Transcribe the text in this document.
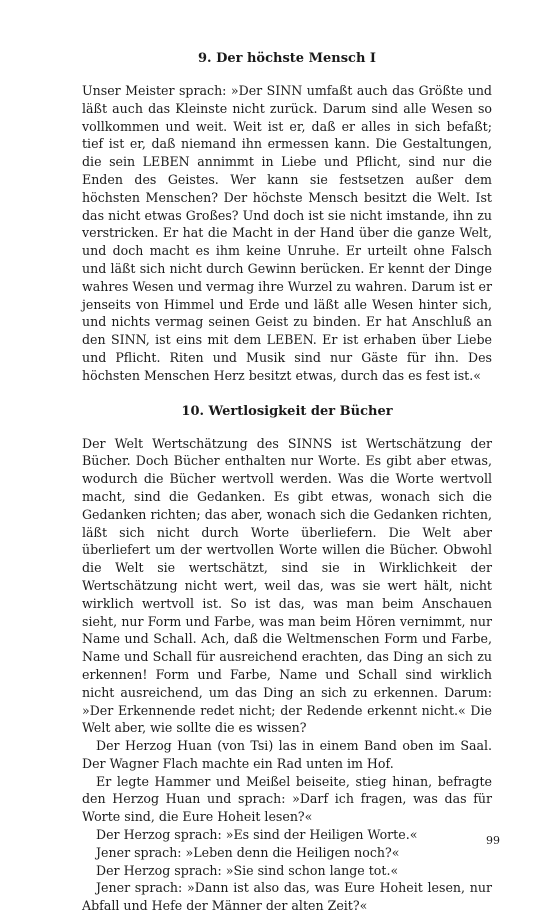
9. Der höchste Mensch I

Unser Meister sprach: »Der SINN umfaßt auch das Größte und läßt auch das Kleinste nicht zurück. Darum sind alle Wesen so vollkommen und weit. Weit ist er, daß er alles in sich befaßt; tief ist er, daß niemand ihn ermessen kann. Die Gestaltungen, die sein LEBEN annimmt in Liebe und Pflicht, sind nur die Enden des Geistes. Wer kann sie festsetzen außer dem höchsten Menschen? Der höchste Mensch besitzt die Welt. Ist das nicht etwas Großes? Und doch ist sie nicht imstande, ihn zu verstricken. Er hat die Macht in der Hand über die ganze Welt, und doch macht es ihm keine Unruhe. Er urteilt ohne Falsch und läßt sich nicht durch Gewinn berücken. Er kennt der Dinge wahres Wesen und vermag ihre Wurzel zu wahren. Darum ist er jenseits von Himmel und Erde und läßt alle Wesen hinter sich, und nichts vermag seinen Geist zu binden. Er hat Anschluß an den SINN, ist eins mit dem LEBEN. Er ist erhaben über Liebe und Pflicht. Riten und Musik sind nur Gäste für ihn. Des höchsten Menschen Herz besitzt etwas, durch das es fest ist.«

10. Wertlosigkeit der Bücher

Der Welt Wertschätzung des SINNS ist Wertschätzung der Bücher. Doch Bücher enthalten nur Worte. Es gibt aber etwas, wodurch die Bücher wertvoll werden. Was die Worte wertvoll macht, sind die Gedanken. Es gibt etwas, wonach sich die Gedanken richten; das aber, wonach sich die Gedanken richten, läßt sich nicht durch Worte überliefern. Die Welt aber überliefert um der wertvollen Worte willen die Bücher. Obwohl die Welt sie wertschätzt, sind sie in Wirklichkeit der Wertschätzung nicht wert, weil das, was sie wert hält, nicht wirklich wertvoll ist. So ist das, was man beim Anschauen sieht, nur Form und Farbe, was man beim Hören vernimmt, nur Name und Schall. Ach, daß die Weltmenschen Form und Farbe, Name und Schall für ausreichend erachten, das Ding an sich zu erkennen! Form und Farbe, Name und Schall sind wirklich nicht ausreichend, um das Ding an sich zu erkennen. Darum: »Der Erkennende redet nicht; der Redende erkennt nicht.« Die Welt aber, wie sollte die es wissen?

Der Herzog Huan (von Tsi) las in einem Band oben im Saal. Der Wagner Flach machte ein Rad unten im Hof.

Er legte Hammer und Meißel beiseite, stieg hinan, befragte den Herzog Huan und sprach: »Darf ich fragen, was das für Worte sind, die Eure Hoheit lesen?«

Der Herzog sprach: »Es sind der Heiligen Worte.«

Jener sprach: »Leben denn die Heiligen noch?«

Der Herzog sprach: »Sie sind schon lange tot.«

Jener sprach: »Dann ist also das, was Eure Hoheit lesen, nur Abfall und Hefe der Männer der alten Zeit?«

99
